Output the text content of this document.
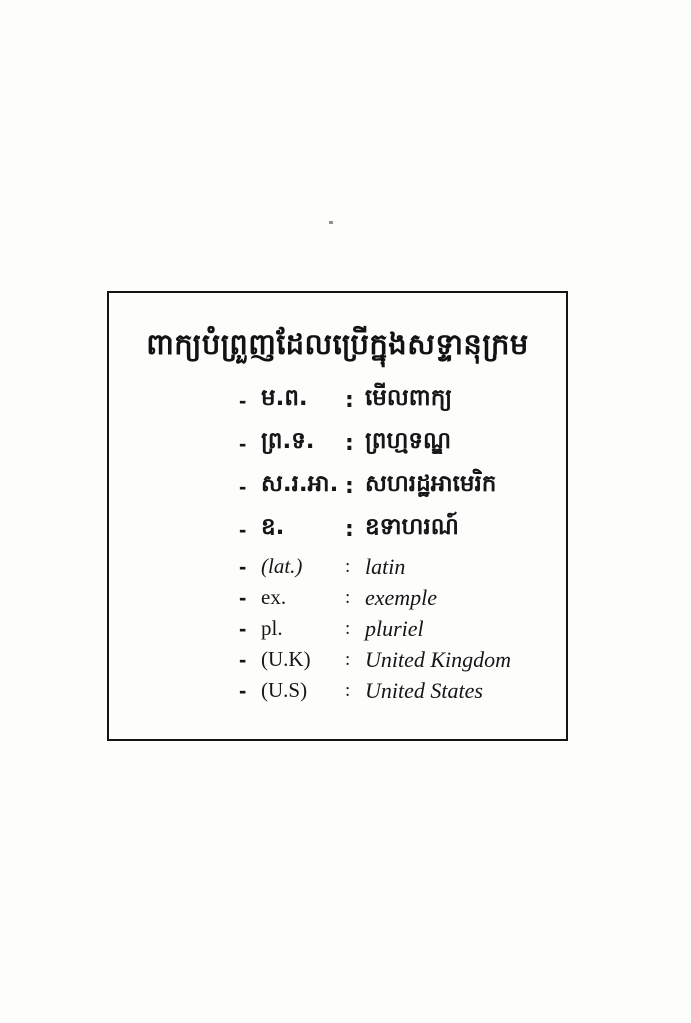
ពាក្យបំព្រួញដែលប្រើក្នុងសទ្ទានុក្រម
- ម.ព.	: មើលពាក្យ
- ព្រ.ទ.	: ព្រហ្មទណ្ឌ
- ស.រ.អា. : សហរដ្ឋអាមេរិក
- ឧ.	: ឧទាហរណ៍
- (lat.)	: latin
- ex.	: exemple
- pl.	: pluriel
- (U.K)	: United Kingdom
- (U.S)	: United States
